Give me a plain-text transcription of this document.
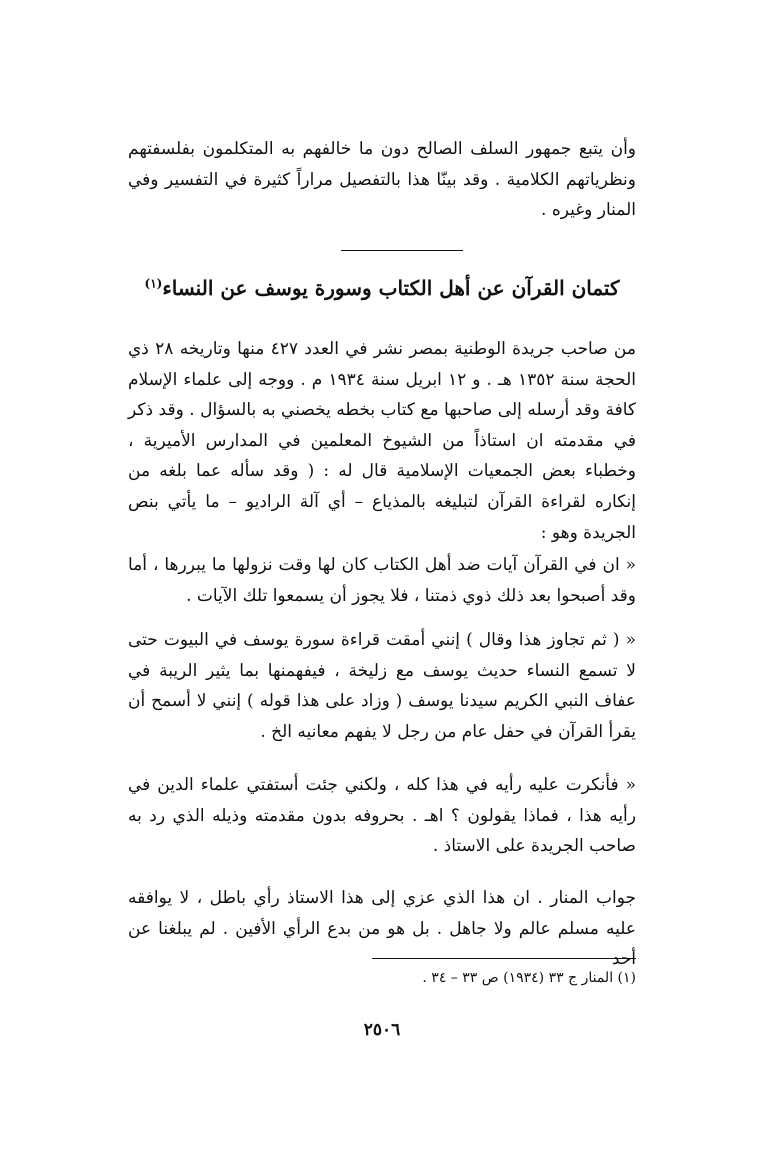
وأن يتبع جمهور السلف الصالح دون ما خالفهم به المتكلمون بفلسفتهم ونظرياتهم الكلامية . وقد بينّا هذا بالتفصيل مراراً كثيرة في التفسير وفي المنار وغيره .

كتمان القرآن عن أهل الكتاب وسورة يوسف عن النساء$^{(١)}$

من صاحب جريدة الوطنية بمصر نشر في العدد ٤٢٧ منها وتاريخه ٢٨ ذي الحجة سنة ١٣٥٢ هـ . و ١٢ ابريل سنة ١٩٣٤ م . ووجه إلى علماء الإسلام كافة وقد أرسله إلى صاحبها مع كتاب بخطه يخصني به بالسؤال . وقد ذكر في مقدمته ان استاذاً من الشيوخ المعلمين في المدارس الأميرية ، وخطباء بعض الجمعيات الإسلامية قال له : ( وقد سأله عما بلغه من إنكاره لقراءة القرآن لتبليغه بالمذياع – أي آلة الراديو – ما يأتي بنص الجريدة وهو :

« ان في القرآن آيات ضد أهل الكتاب كان لها وقت نزولها ما يبررها ، أما وقد أصبحوا بعد ذلك ذوي ذمتنا ، فلا يجوز أن يسمعوا تلك الآيات .

« ( ثم تجاوز هذا وقال ) إنني أمقت قراءة سورة يوسف في البيوت حتى لا تسمع النساء حديث يوسف مع زليخة ، فيفهمنها بما يثير الريبة في عفاف النبي الكريم سيدنا يوسف ( وزاد على هذا قوله ) إنني لا أسمح أن يقرأ القرآن في حفل عام من رجل لا يفهم معانيه الخ .

« فأنكرت عليه رأيه في هذا كله ، ولكني جئت أستفتي علماء الدين في رأيه هذا ، فماذا يقولون ؟ اهـ . بحروفه بدون مقدمته وذيله الذي رد به صاحب الجريدة على الاستاذ .

جواب المنار . ان هذا الذي عزي إلى هذا الاستاذ رأي باطل ، لا يوافقه عليه مسلم عالم ولا جاهل . بل هو من بدع الرأي الأفين . لم يبلغنا عن أحد

(١) المنار ج ٣٣ (١٩٣٤) ص ٣٣ – ٣٤ .

٢٥٠٦
